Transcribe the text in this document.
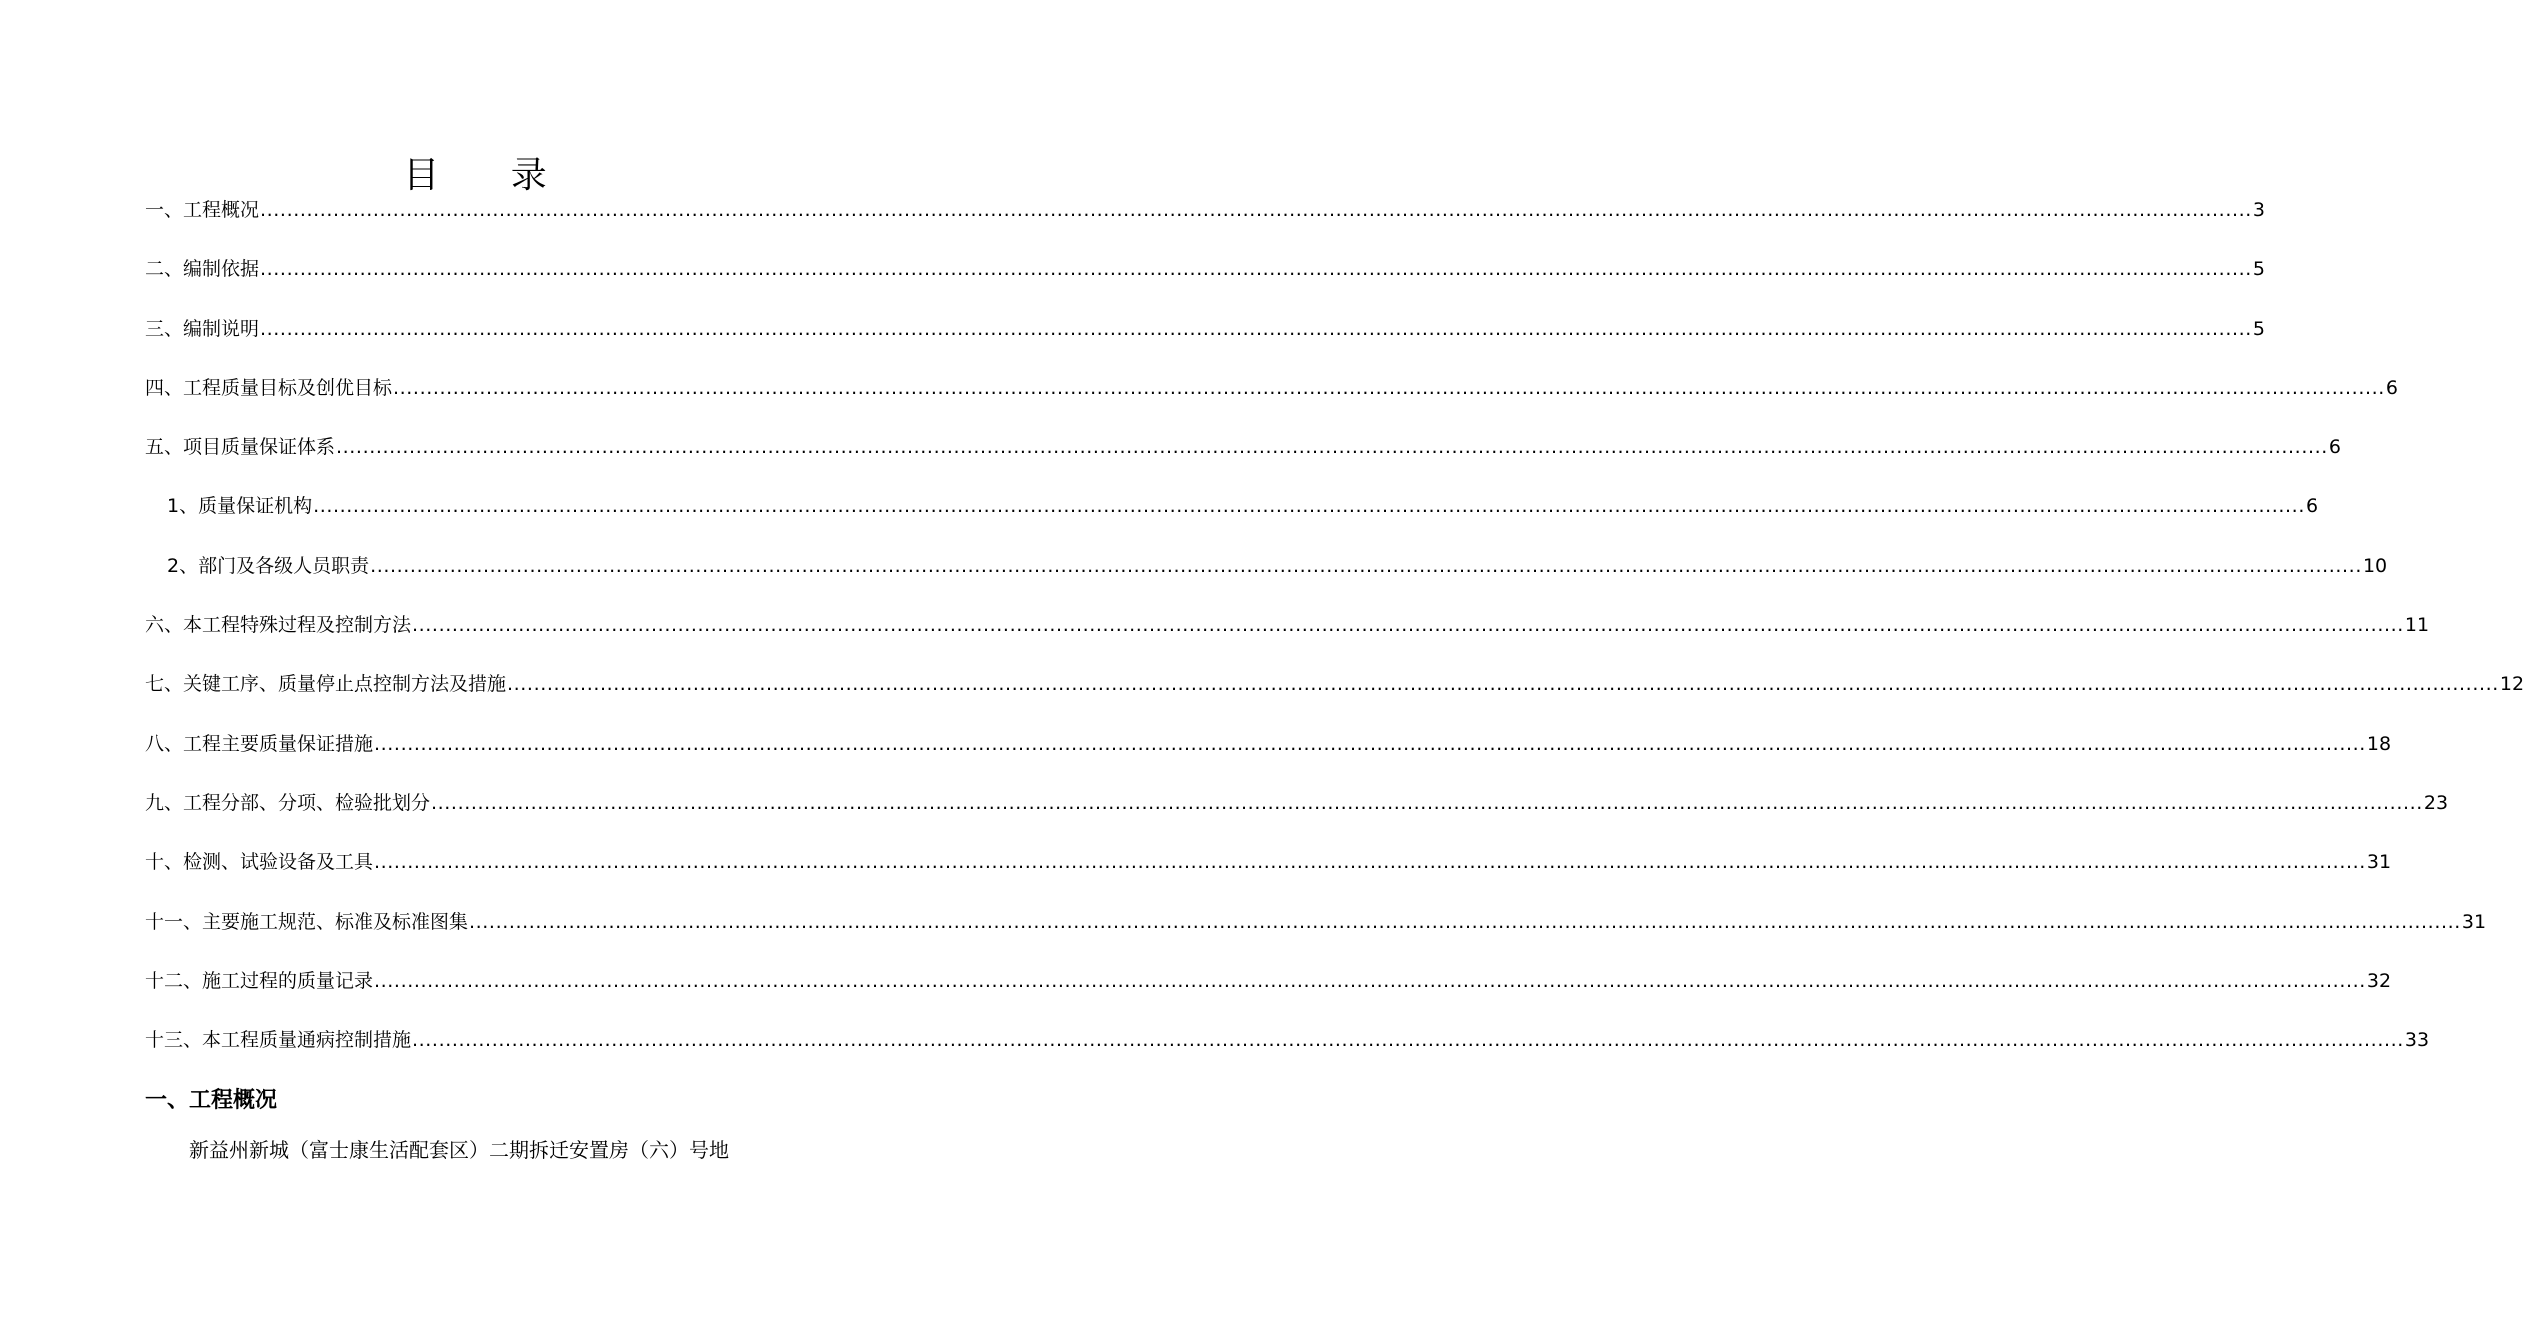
目 录
一、工程概况 ............................................................................................................................................................................................................................................................................................................ 3
二、编制依据 ............................................................................................................................................................................................................................................................................................................ 5
三、编制说明 ............................................................................................................................................................................................................................................................................................................ 5
四、工程质量目标及创优目标 ............................................................................................................................................................................................................................................................................................................ 6
五、项目质量保证体系 ............................................................................................................................................................................................................................................................................................................ 6
1、质量保证机构 ............................................................................................................................................................................................................................................................................................................ 6
2、部门及各级人员职责 ............................................................................................................................................................................................................................................................................................................ 10
六、本工程特殊过程及控制方法 ............................................................................................................................................................................................................................................................................................................ 11
七、关键工序、质量停止点控制方法及措施 ............................................................................................................................................................................................................................................................................................................ 12
八、工程主要质量保证措施 ............................................................................................................................................................................................................................................................................................................ 18
九、工程分部、分项、检验批划分 ............................................................................................................................................................................................................................................................................................................ 23
十、检测、试验设备及工具 ............................................................................................................................................................................................................................................................................................................ 31
十一、主要施工规范、标准及标准图集 ............................................................................................................................................................................................................................................................................................................ 31
十二、施工过程的质量记录 ............................................................................................................................................................................................................................................................................................................ 32
十三、本工程质量通病控制措施 ............................................................................................................................................................................................................................................................................................................ 33
一、工程概况

新益州新城（富士康生活配套区）二期拆迁安置房（六）号地
